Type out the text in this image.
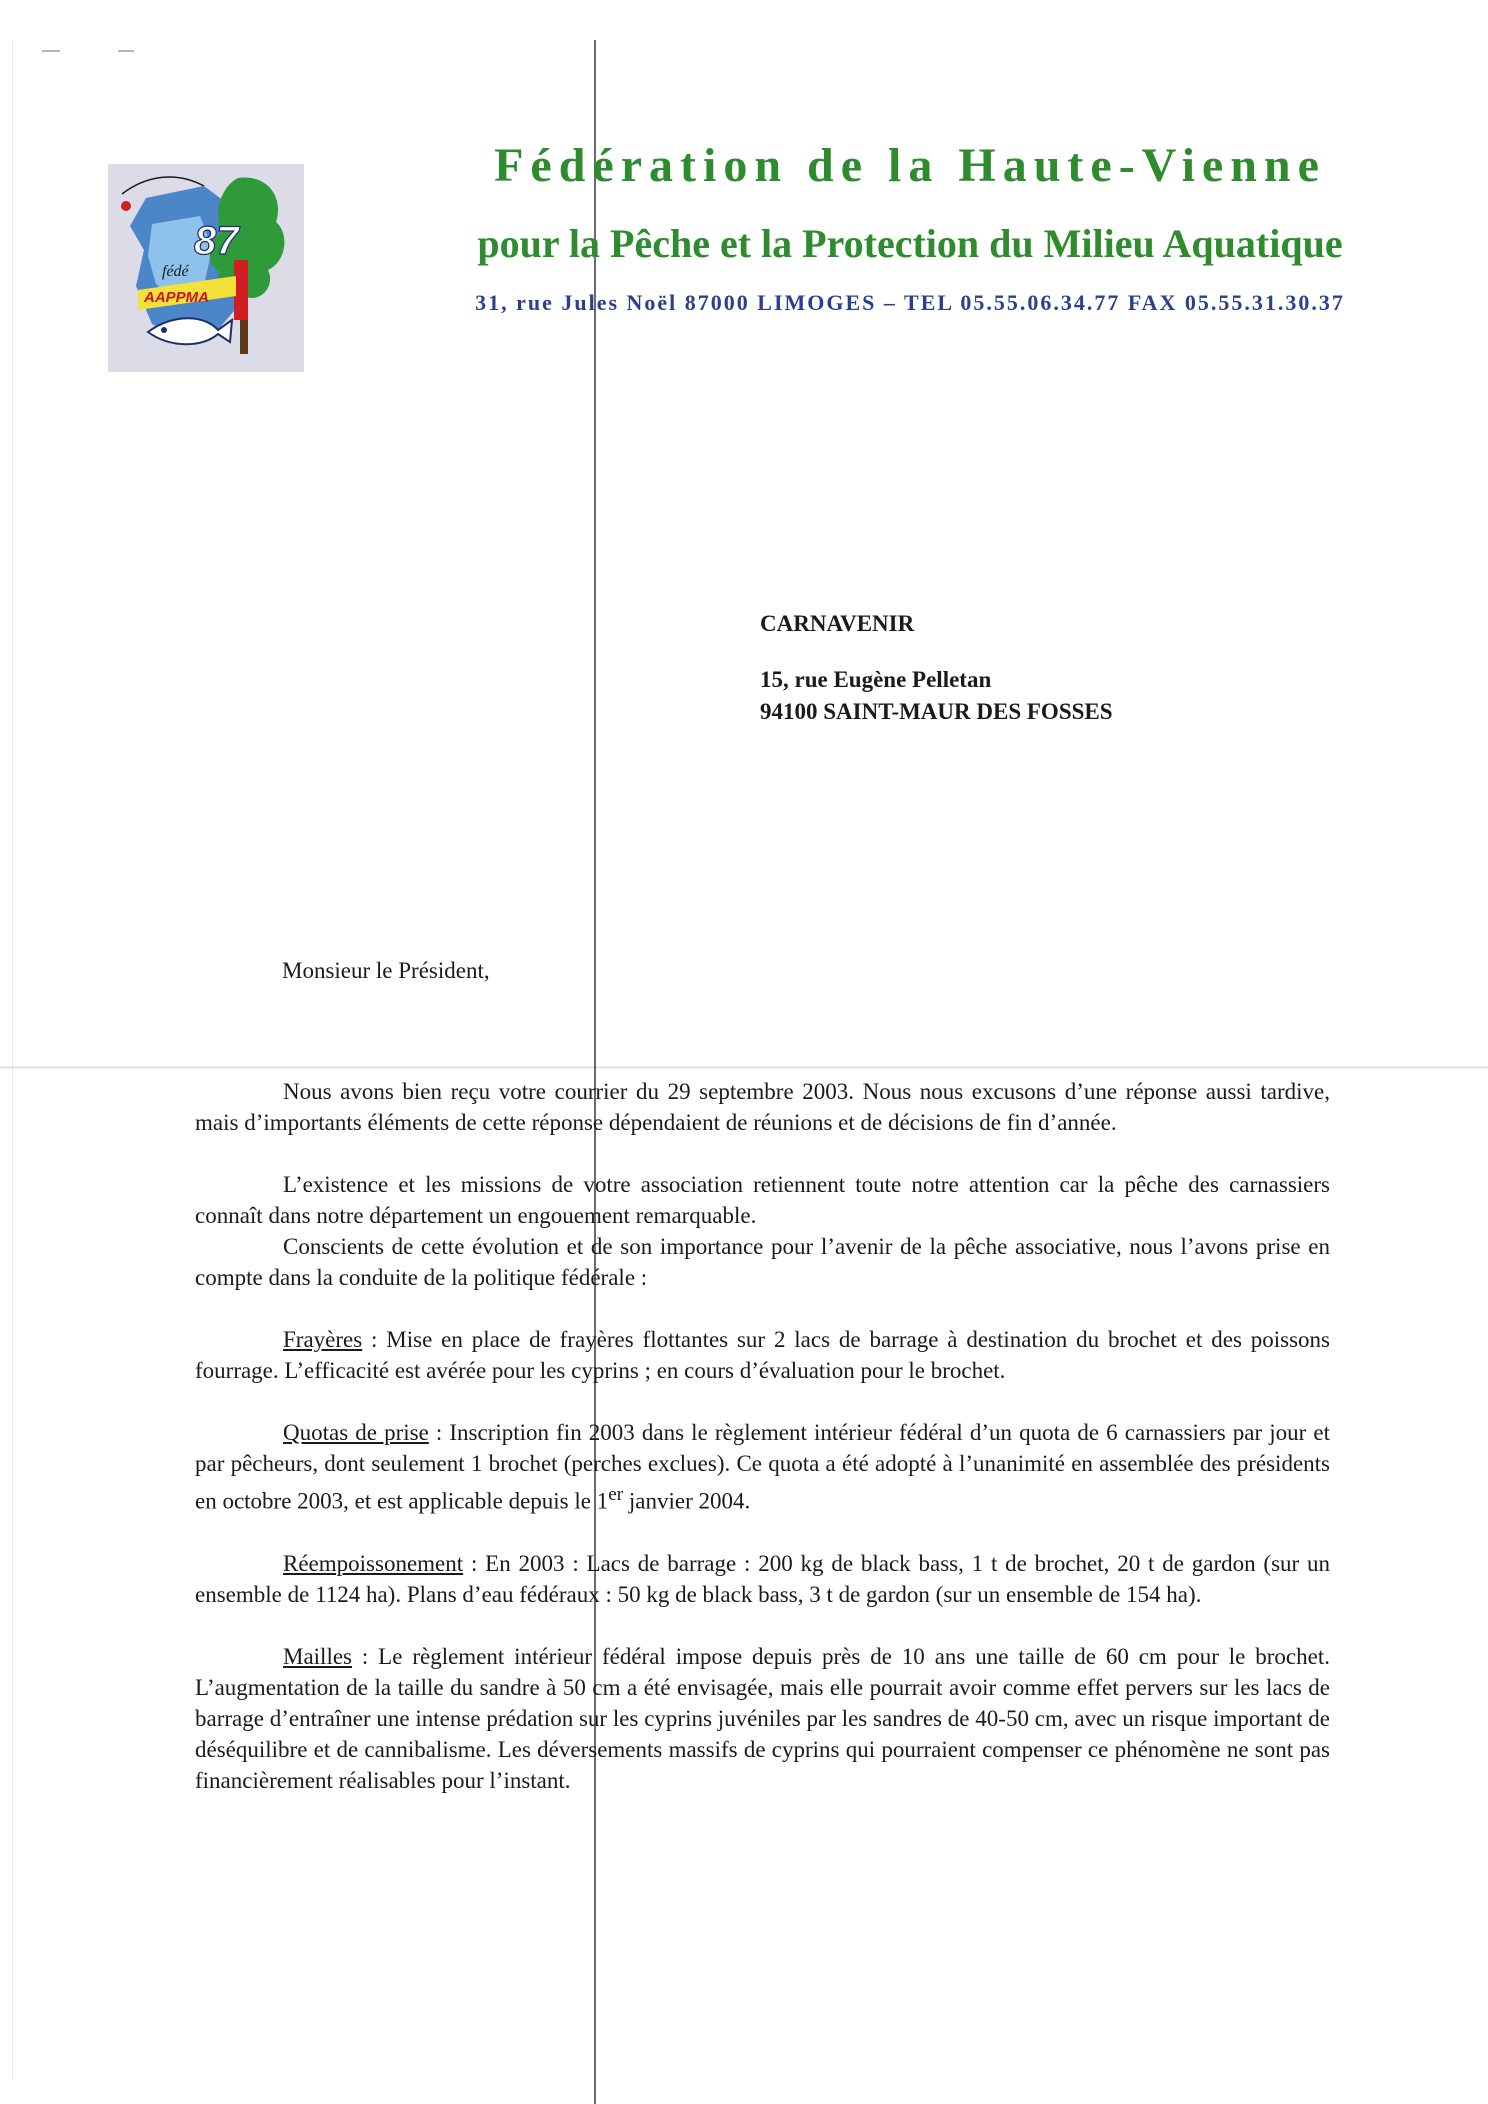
87
fédé
AAPPMA
Fédération de la Haute-Vienne
pour la Pêche et la Protection du Milieu Aquatique

31, rue Jules Noël 87000 LIMOGES – TEL 05.55.06.34.77 FAX 05.55.31.30.37

CARNAVENIR
15, rue Eugène Pelletan
94100 SAINT-MAUR DES FOSSES

Monsieur le Président,

Nous avons bien reçu votre courrier du 29 septembre 2003. Nous nous excusons d’une réponse aussi tardive, mais d’importants éléments de cette réponse dépendaient de réunions et de décisions de fin d’année.

L’existence et les missions de votre association retiennent toute notre attention car la pêche des carnassiers connaît dans notre département un engouement remarquable.

Conscients de cette évolution et de son importance pour l’avenir de la pêche associative, nous l’avons prise en compte dans la conduite de la politique fédérale :

Frayères : Mise en place de frayères flottantes sur 2 lacs de barrage à destination du brochet et des poissons fourrage. L’efficacité est avérée pour les cyprins ; en cours d’évaluation pour le brochet.

Quotas de prise : Inscription fin 2003 dans le règlement intérieur fédéral d’un quota de 6 carnassiers par jour et par pêcheurs, dont seulement 1 brochet (perches exclues). Ce quota a été adopté à l’unanimité en assemblée des présidents en octobre 2003, et est applicable depuis le 1er janvier 2004.

Réempoissonement : En 2003 : Lacs de barrage : 200 kg de black bass, 1 t de brochet, 20 t de gardon (sur un ensemble de 1124 ha). Plans d’eau fédéraux : 50 kg de black bass, 3 t de gardon (sur un ensemble de 154 ha).

Mailles : Le règlement intérieur fédéral impose depuis près de 10 ans une taille de 60 cm pour le brochet. L’augmentation de la taille du sandre à 50 cm a été envisagée, mais elle pourrait avoir comme effet pervers sur les lacs de barrage d’entraîner une intense prédation sur les cyprins juvéniles par les sandres de 40-50 cm, avec un risque important de déséquilibre et de cannibalisme. Les déversements massifs de cyprins qui pourraient compenser ce phénomène ne sont pas financièrement réalisables pour l’instant.
